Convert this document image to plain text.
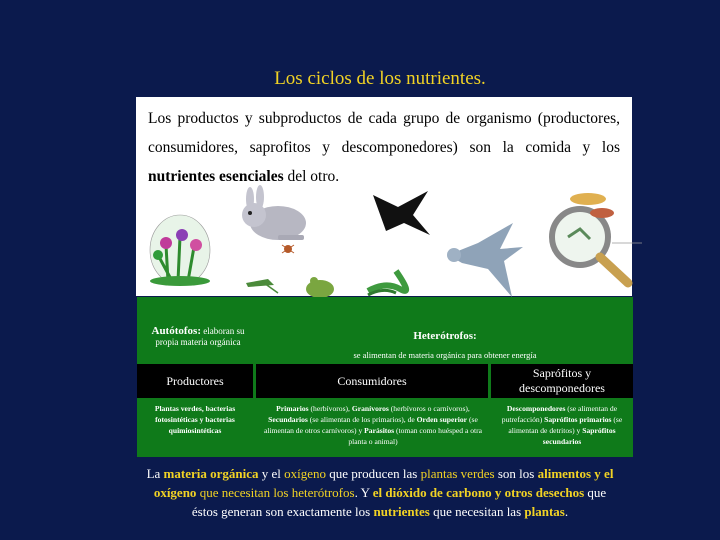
Los ciclos de los nutrientes.
Los productos y subproductos de cada grupo de organismo (productores, consumidores, saprofitos y descomponedores) son la comida y los nutrientes esenciales del otro.
Autótofos: elaboran su propia materia orgánica	Heterótrofos:
se alimentan de materia orgánica para obtener energía
Productores	Consumidores
Saprófitos y descomponedores
Plantas verdes, bacterias fotosintéticas y bacterias quimiosintéticas
Primarios (herbívoros), Granívoros (herbívoros o carnívoros), Secundarios (se alimentan de los primarios), de Orden superior (se alimentan de otros carnívoros) y Parásitos (toman como huésped a otra planta o animal)
Descomponedores (se alimentan de putrefacción) Saprófitos primarios (se alimentan de detritos) y Saprófitos secundarios
La materia orgánica y el oxígeno que producen las plantas verdes son los alimentos y el oxígeno que necesitan los heterótrofos. Y el dióxido de carbono y otros desechos que éstos generan son exactamente los nutrientes que necesitan las plantas.
